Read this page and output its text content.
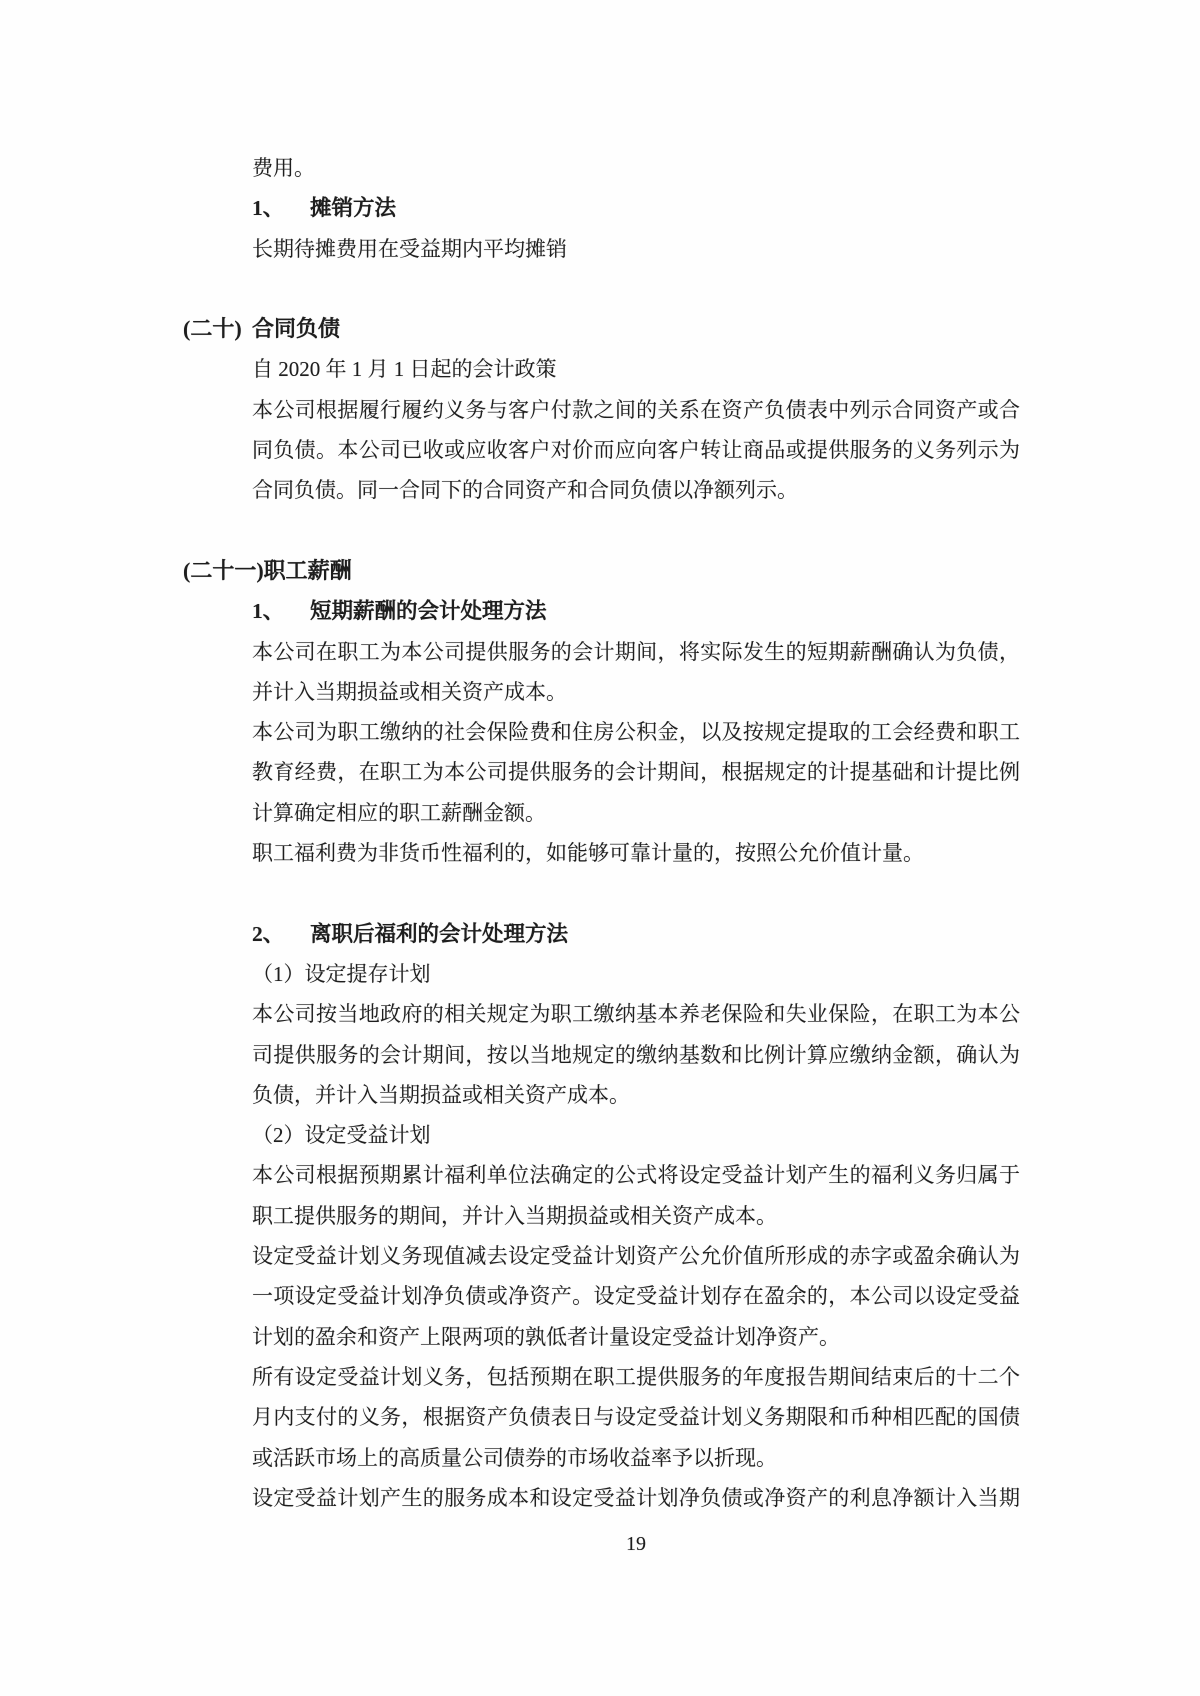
费用。
1、 摊销方法
长期待摊费用在受益期内平均摊销
(二十) 合同负债
自 2020 年 1 月 1 日起的会计政策
本公司根据履行履约义务与客户付款之间的关系在资产负债表中列示合同资产或合
同负债。本公司已收或应收客户对价而应向客户转让商品或提供服务的义务列示为
合同负债。同一合同下的合同资产和合同负债以净额列示。
(二十一)职工薪酬
1、 短期薪酬的会计处理方法
本公司在职工为本公司提供服务的会计期间，将实际发生的短期薪酬确认为负债，
并计入当期损益或相关资产成本。
本公司为职工缴纳的社会保险费和住房公积金，以及按规定提取的工会经费和职工
教育经费，在职工为本公司提供服务的会计期间，根据规定的计提基础和计提比例
计算确定相应的职工薪酬金额。
职工福利费为非货币性福利的，如能够可靠计量的，按照公允价值计量。
2、 离职后福利的会计处理方法
（1）设定提存计划
本公司按当地政府的相关规定为职工缴纳基本养老保险和失业保险，在职工为本公
司提供服务的会计期间，按以当地规定的缴纳基数和比例计算应缴纳金额，确认为
负债，并计入当期损益或相关资产成本。
（2）设定受益计划
本公司根据预期累计福利单位法确定的公式将设定受益计划产生的福利义务归属于
职工提供服务的期间，并计入当期损益或相关资产成本。
设定受益计划义务现值减去设定受益计划资产公允价值所形成的赤字或盈余确认为
一项设定受益计划净负债或净资产。设定受益计划存在盈余的，本公司以设定受益
计划的盈余和资产上限两项的孰低者计量设定受益计划净资产。
所有设定受益计划义务，包括预期在职工提供服务的年度报告期间结束后的十二个
月内支付的义务，根据资产负债表日与设定受益计划义务期限和币种相匹配的国债
或活跃市场上的高质量公司债券的市场收益率予以折现。
设定受益计划产生的服务成本和设定受益计划净负债或净资产的利息净额计入当期
19
